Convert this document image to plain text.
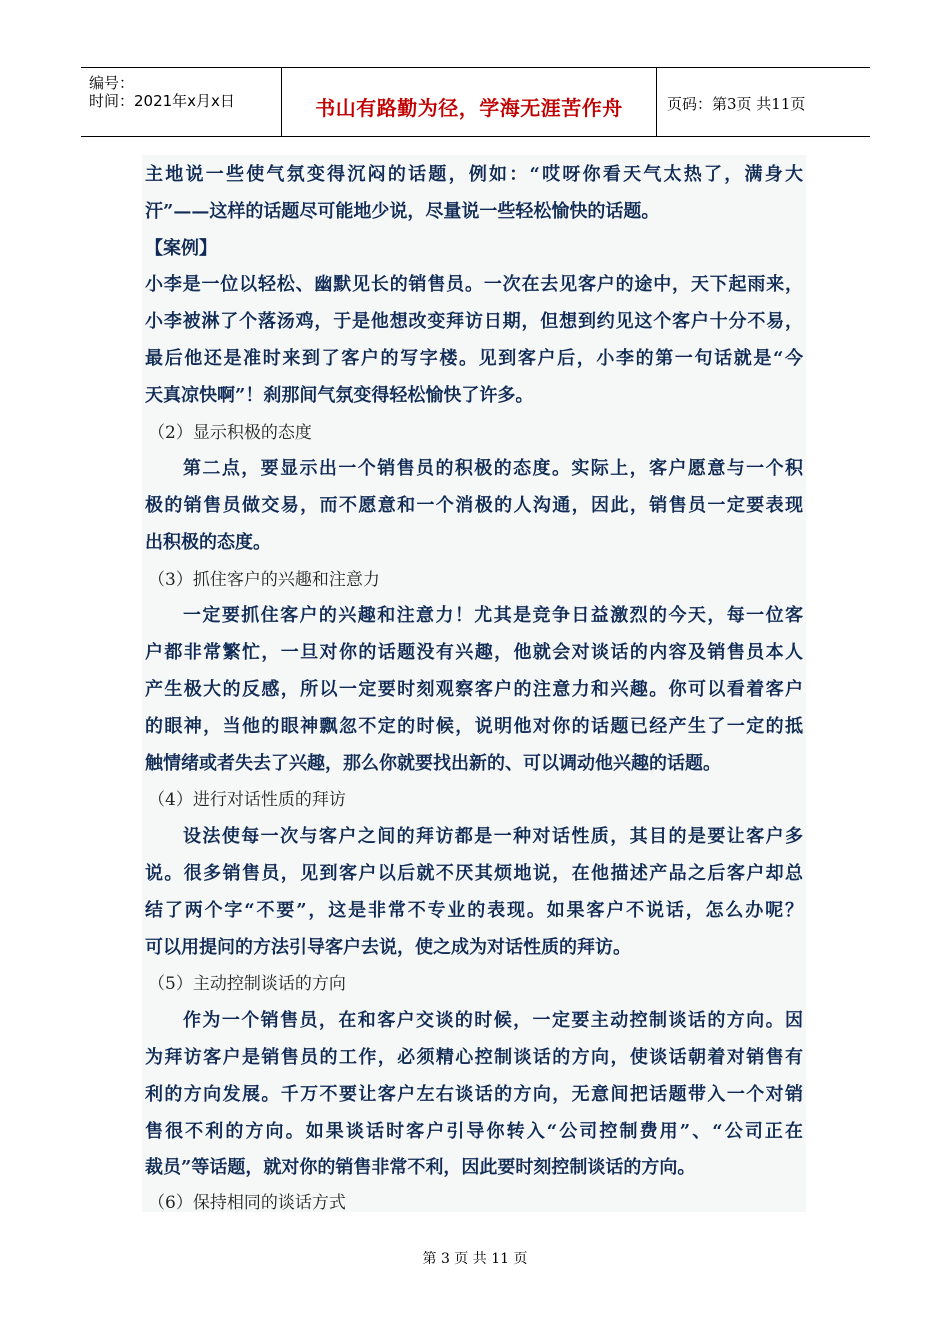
编号：
时间：2021年x月x日	书山有路勤为径，学海无涯苦作舟	页码：第3页 共11页
主地说一些使气氛变得沉闷的话题，例如：“哎呀你看天气太热了，满身大
汗”——这样的话题尽可能地少说，尽量说一些轻松愉快的话题。
【案例】
小李是一位以轻松、幽默见长的销售员。一次在去见客户的途中，天下起雨来，
小李被淋了个落汤鸡，于是他想改变拜访日期，但想到约见这个客户十分不易，
最后他还是准时来到了客户的写字楼。见到客户后，小李的第一句话就是“今
天真凉快啊”！刹那间气氛变得轻松愉快了许多。
（2）显示积极的态度
第二点，要显示出一个销售员的积极的态度。实际上，客户愿意与一个积
极的销售员做交易，而不愿意和一个消极的人沟通，因此，销售员一定要表现
出积极的态度。
（3）抓住客户的兴趣和注意力
一定要抓住客户的兴趣和注意力！尤其是竞争日益激烈的今天，每一位客
户都非常繁忙，一旦对你的话题没有兴趣，他就会对谈话的内容及销售员本人
产生极大的反感，所以一定要时刻观察客户的注意力和兴趣。你可以看着客户
的眼神，当他的眼神飘忽不定的时候，说明他对你的话题已经产生了一定的抵
触情绪或者失去了兴趣，那么你就要找出新的、可以调动他兴趣的话题。
（4）进行对话性质的拜访
设法使每一次与客户之间的拜访都是一种对话性质，其目的是要让客户多
说。很多销售员，见到客户以后就不厌其烦地说，在他描述产品之后客户却总
结了两个字“不要”，这是非常不专业的表现。如果客户不说话，怎么办呢？
可以用提问的方法引导客户去说，使之成为对话性质的拜访。
（5）主动控制谈话的方向
作为一个销售员，在和客户交谈的时候，一定要主动控制谈话的方向。因
为拜访客户是销售员的工作，必须精心控制谈话的方向，使谈话朝着对销售有
利的方向发展。千万不要让客户左右谈话的方向，无意间把话题带入一个对销
售很不利的方向。如果谈话时客户引导你转入“公司控制费用”、“公司正在
裁员”等话题，就对你的销售非常不利，因此要时刻控制谈话的方向。
（6）保持相同的谈话方式
第 3 页 共 11 页
